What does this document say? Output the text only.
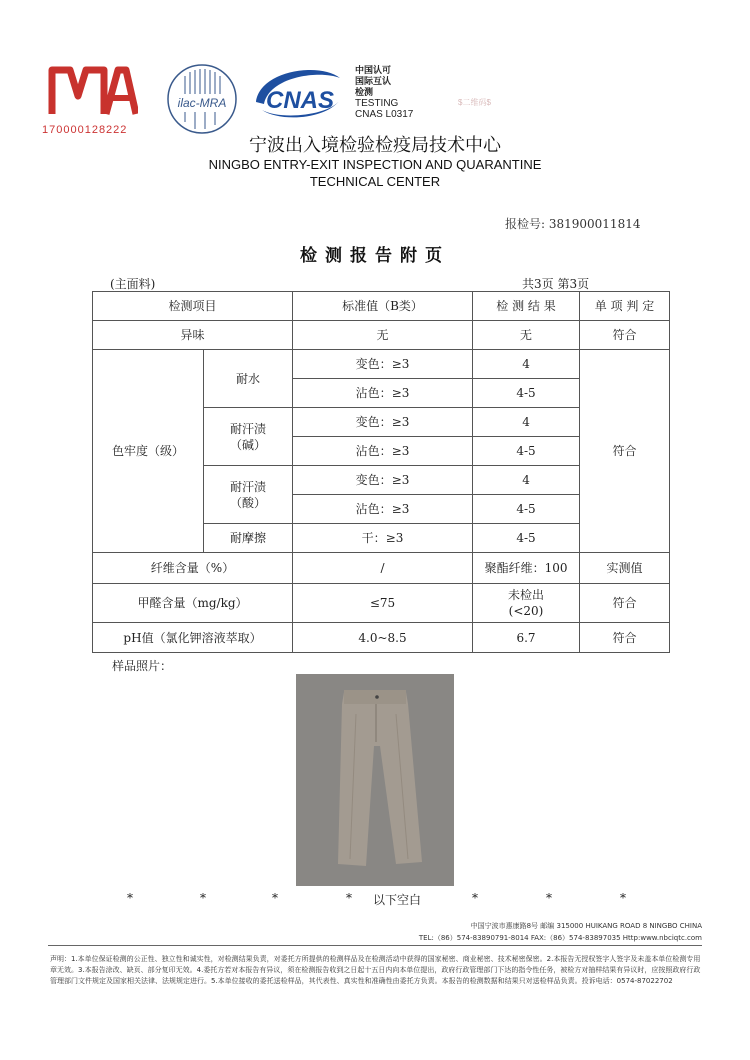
170000128222
ilac-MRA CNAS
中国认可
国际互认
检测
TESTING
CNAS L0317
$二维码$
宁波出入境检验检疫局技术中心
NINGBO ENTRY-EXIT INSPECTION AND QUARANTINE
TECHNICAL CENTER
报检号: 381900011814
检测报告附页
(主面料)	共3页 第3页
检测项目		标准值（B类）	检 测 结 果	单 项 判 定
异味		无	无	符合
色牢度（级）	耐水	变色：≥3	4	符合
		沾色：≥3	4-5	

	耐汗渍
（碱）	变色：≥3	4	
		沾色：≥3	4-5	

	耐汗渍
（酸）	变色：≥3	4	
		沾色：≥3	4-5	
	耐摩擦	干：≥3	4-5	
纤维含量（%）		/	聚酯纤维：100	实测值
甲醛含量（mg/kg）		≤75	未检出
(<20)	符合
pH值（氯化钾溶液萃取）		4.0~8.5	6.7	符合
样品照片：
*	*	*	* 以下空白	*	*	*
中国宁波市惠康路8号 邮编 315000 HUIKANG ROAD 8 NINGBO CHINA
TEL:（86）574-83890791-8014 FAX:（86）574-83897035 Http:www.nbciqtc.com
声明：1.本单位保证检测的公正性、独立性和诚实性，对检测结果负责，对委托方所提供的检测样品及在检测活动中获得的国家秘密、商业秘密、技术秘密保密。2.本报告无授权签字人签字及未盖本单位检测专用章无效。3.本报告涂改、缺页、部分复印无效。4.委托方若对本报告有异议，须在检测报告收到之日起十五日内向本单位提出，政府行政管理部门下达的指令性任务，被检方对抽样结果有异议时，应按照政府行政管理部门文件规定及国家相关法律、法规规定进行。5.本单位接收的委托送检样品，其代表性、真实性和准确性由委托方负责。本报告的检测数据和结果只对送检样品负责。投诉电话：0574-87022702
